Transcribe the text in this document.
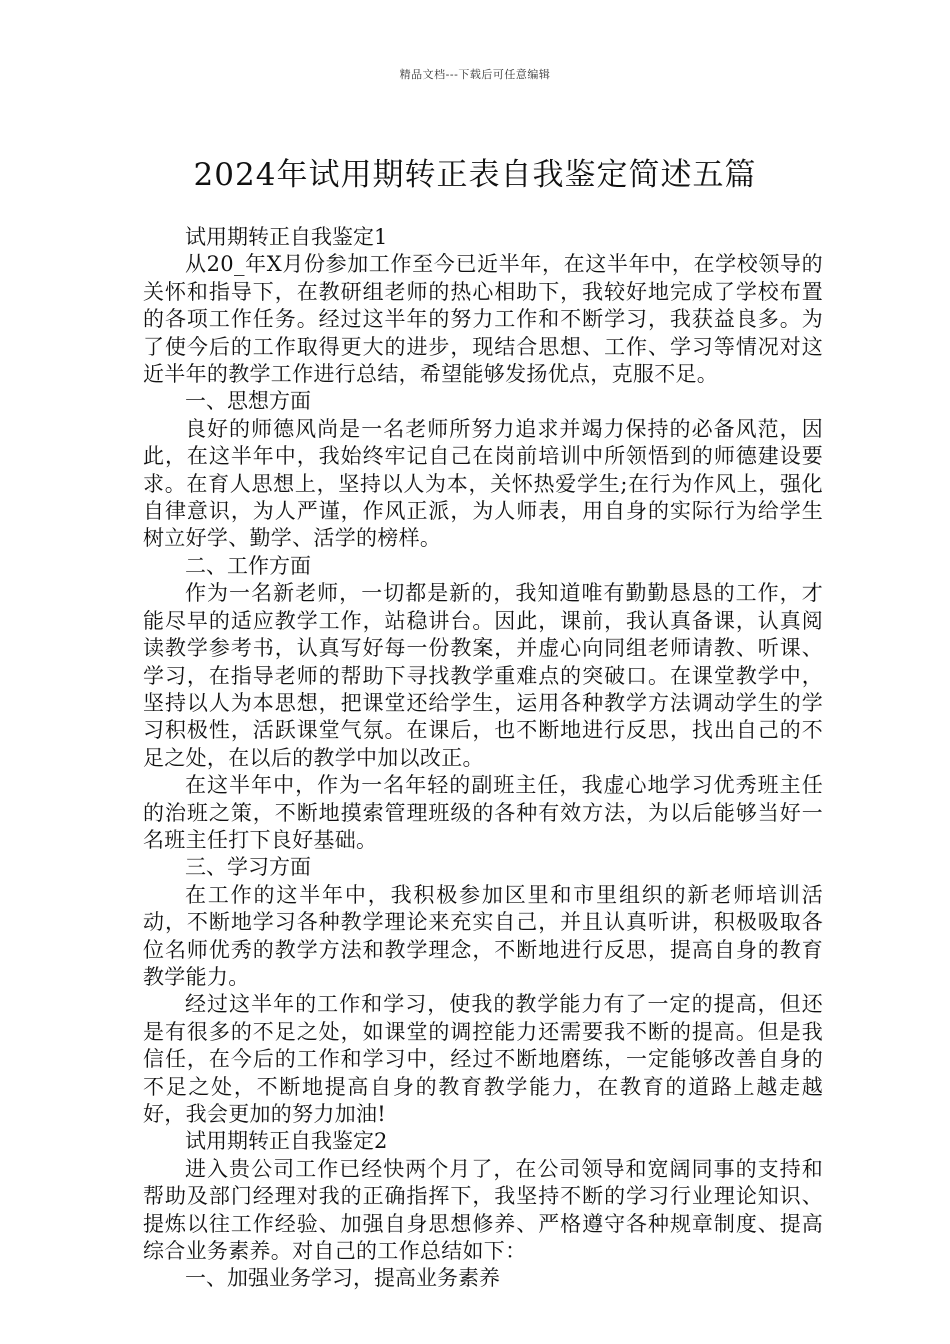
精品文档---下载后可任意编辑
2024年试用期转正表自我鉴定简述五篇

试用期转正自我鉴定1

从20_年X月份参加工作至今已近半年，在这半年中，在学校领导的关怀和指导下，在教研组老师的热心相助下，我较好地完成了学校布置的各项工作任务。经过这半年的努力工作和不断学习，我获益良多。为了使今后的工作取得更大的进步，现结合思想、工作、学习等情况对这近半年的教学工作进行总结，希望能够发扬优点，克服不足。

一、思想方面

良好的师德风尚是一名老师所努力追求并竭力保持的必备风范，因此，在这半年中，我始终牢记自己在岗前培训中所领悟到的师德建设要求。在育人思想上，坚持以人为本，关怀热爱学生;在行为作风上，强化自律意识，为人严谨，作风正派，为人师表，用自身的实际行为给学生树立好学、勤学、活学的榜样。

二、工作方面

作为一名新老师，一切都是新的，我知道唯有勤勤恳恳的工作，才能尽早的适应教学工作，站稳讲台。因此，课前，我认真备课，认真阅读教学参考书，认真写好每一份教案，并虚心向同组老师请教、听课、学习，在指导老师的帮助下寻找教学重难点的突破口。在课堂教学中，坚持以人为本思想，把课堂还给学生，运用各种教学方法调动学生的学习积极性，活跃课堂气氛。在课后，也不断地进行反思，找出自己的不足之处，在以后的教学中加以改正。

在这半年中，作为一名年轻的副班主任，我虚心地学习优秀班主任的治班之策，不断地摸索管理班级的各种有效方法，为以后能够当好一名班主任打下良好基础。

三、学习方面

在工作的这半年中，我积极参加区里和市里组织的新老师培训活动，不断地学习各种教学理论来充实自己，并且认真听讲，积极吸取各位名师优秀的教学方法和教学理念，不断地进行反思，提高自身的教育教学能力。

经过这半年的工作和学习，使我的教学能力有了一定的提高，但还是有很多的不足之处，如课堂的调控能力还需要我不断的提高。但是我信任，在今后的工作和学习中，经过不断地磨练，一定能够改善自身的不足之处，不断地提高自身的教育教学能力，在教育的道路上越走越好，我会更加的努力加油!

试用期转正自我鉴定2

进入贵公司工作已经快两个月了，在公司领导和宽阔同事的支持和帮助及部门经理对我的正确指挥下，我坚持不断的学习行业理论知识、提炼以往工作经验、加强自身思想修养、严格遵守各种规章制度、提高综合业务素养。对自己的工作总结如下：

一、加强业务学习，提高业务素养
